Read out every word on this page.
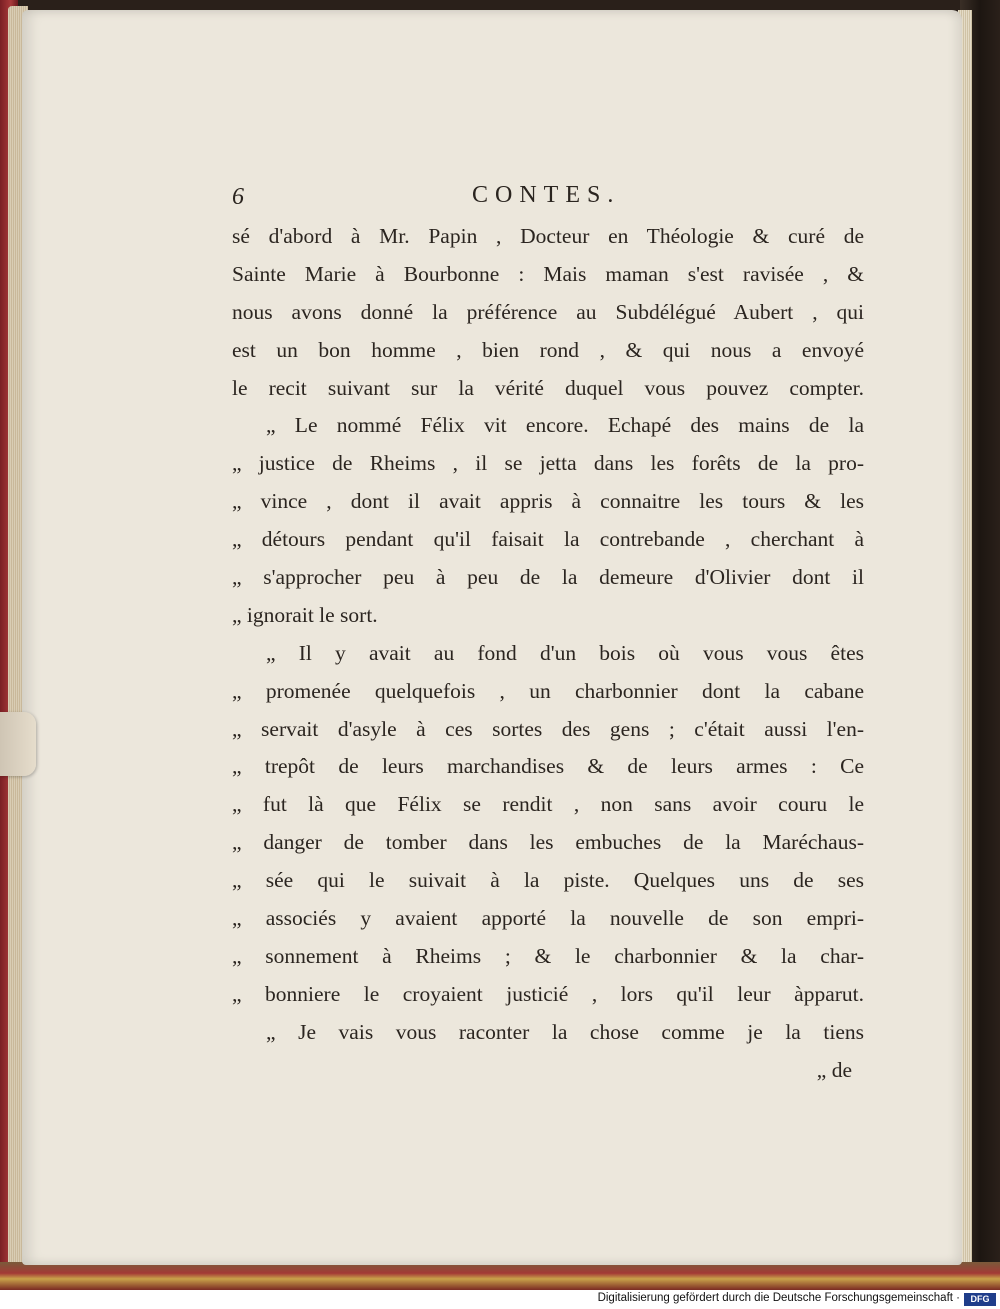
6	CONTES.
sé d'abord à Mr. Papin , Docteur en Théologie & curé de
Sainte Marie à Bourbonne : Mais maman s'est ravisée , &
nous avons donné la préférence au Subdélégué Aubert , qui
est un bon homme , bien rond , & qui nous a envoyé
le recit suivant sur la vérité duquel vous pouvez compter.
„ Le nommé Félix vit encore. Echapé des mains de la
„ justice de Rheims , il se jetta dans les forêts de la pro-
„ vince , dont il avait appris à connaitre les tours & les
„ détours pendant qu'il faisait la contrebande , cherchant à
„ s'approcher peu à peu de la demeure d'Olivier dont il
„ ignorait le sort.
„ Il y avait au fond d'un bois où vous vous êtes
„ promenée quelquefois , un charbonnier dont la cabane
„ servait d'asyle à ces sortes des gens ; c'était aussi l'en-
„ trepôt de leurs marchandises & de leurs armes : Ce
„ fut là que Félix se rendit , non sans avoir couru le
„ danger de tomber dans les embuches de la Maréchaus-
„ sée qui le suivait à la piste. Quelques uns de ses
„ associés y avaient apporté la nouvelle de son empri-
„ sonnement à Rheims ; & le charbonnier & la char-
„ bonniere le croyaient justicié , lors qu'il leur àpparut.
„ Je vais vous raconter la chose comme je la tiens
„ de
Digitalisierung gefördert durch die Deutsche Forschungsgemeinschaft ·	DFG
